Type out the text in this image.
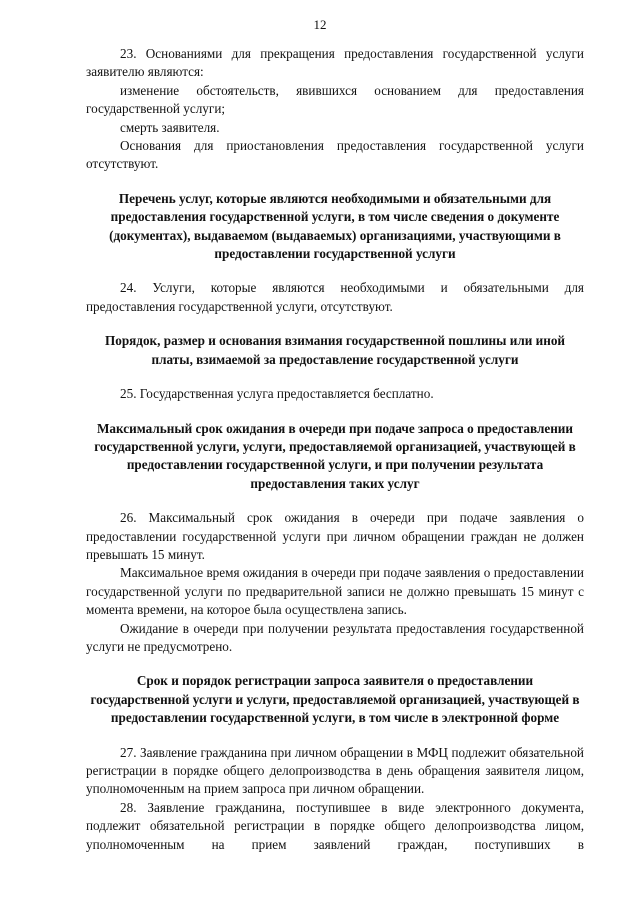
12

23. Основаниями для прекращения предоставления государственной услуги заявителю являются:

изменение обстоятельств, явившихся основанием для предоставления государственной услуги;

смерть заявителя.

Основания для приостановления предоставления государственной услуги отсутствуют.

Перечень услуг, которые являются необходимыми и обязательными для предоставления государственной услуги, в том числе сведения о документе (документах), выдаваемом (выдаваемых) организациями, участвующими в предоставлении государственной услуги

24. Услуги, которые являются необходимыми и обязательными для предоставления государственной услуги, отсутствуют.

Порядок, размер и основания взимания государственной пошлины или иной платы, взимаемой за предоставление государственной услуги

25. Государственная услуга предоставляется бесплатно.

Максимальный срок ожидания в очереди при подаче запроса о предоставлении государственной услуги, услуги, предоставляемой организацией, участвующей в предоставлении государственной услуги, и при получении результата предоставления таких услуг

26. Максимальный срок ожидания в очереди при подаче заявления о предоставлении государственной услуги при личном обращении граждан не должен превышать 15 минут.

Максимальное время ожидания в очереди при подаче заявления о предоставлении государственной услуги по предварительной записи не должно превышать 15 минут с момента времени, на которое была осуществлена запись.

Ожидание в очереди при получении результата предоставления государственной услуги не предусмотрено.

Срок и порядок регистрации запроса заявителя о предоставлении государственной услуги и услуги, предоставляемой организацией, участвующей в предоставлении государственной услуги, в том числе в электронной форме

27. Заявление гражданина при личном обращении в МФЦ подлежит обязательной регистрации в порядке общего делопроизводства в день обращения заявителя лицом, уполномоченным на прием запроса при личном обращении.

28. Заявление гражданина, поступившее в виде электронного документа, подлежит обязательной регистрации в порядке общего делопроизводства лицом, уполномоченным на прием заявлений граждан, поступивших в
